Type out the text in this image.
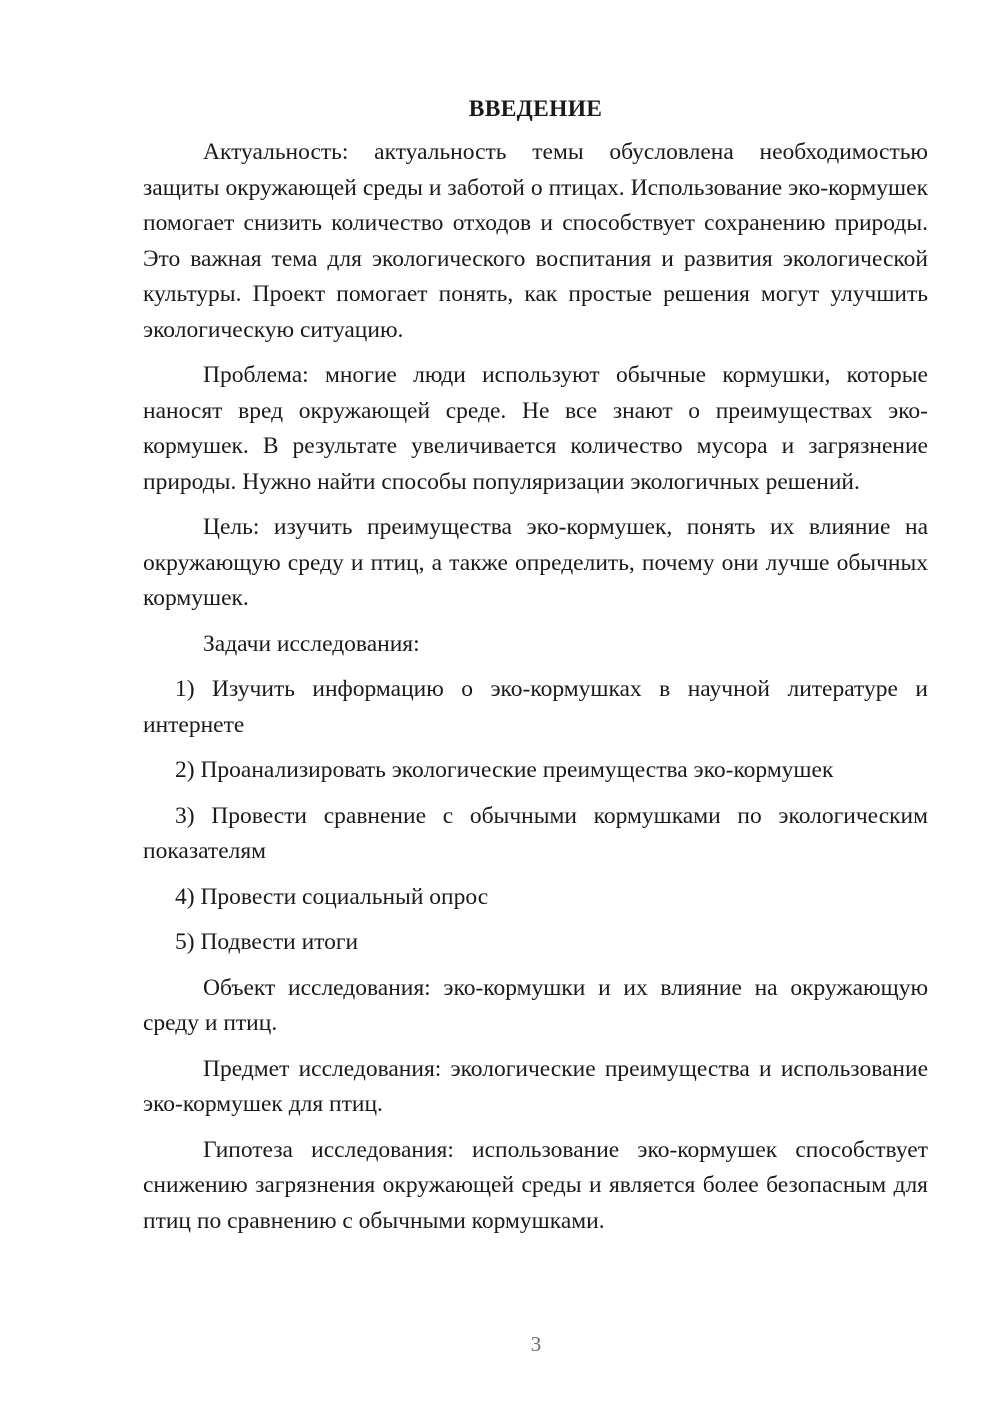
ВВЕДЕНИЕ

Актуальность: актуальность темы обусловлена необходимостью защиты окружающей среды и заботой о птицах. Использование эко-кормушек помогает снизить количество отходов и способствует сохранению природы. Это важная тема для экологического воспитания и развития экологической культуры. Проект помогает понять, как простые решения могут улучшить экологическую ситуацию.

Проблема: многие люди используют обычные кормушки, которые наносят вред окружающей среде. Не все знают о преимуществах эко-кормушек. В результате увеличивается количество мусора и загрязнение природы. Нужно найти способы популяризации экологичных решений.

Цель: изучить преимущества эко-кормушек, понять их влияние на окружающую среду и птиц, а также определить, почему они лучше обычных кормушек.

Задачи исследования:

1) Изучить информацию о эко-кормушках в научной литературе и интернете

2) Проанализировать экологические преимущества эко-кормушек

3) Провести сравнение с обычными кормушками по экологическим показателям

4) Провести социальный опрос

5) Подвести итоги

Объект исследования: эко-кормушки и их влияние на окружающую среду и птиц.

Предмет исследования: экологические преимущества и использование эко-кормушек для птиц.

Гипотеза исследования: использование эко-кормушек способствует снижению загрязнения окружающей среды и является более безопасным для птиц по сравнению с обычными кормушками.

3
